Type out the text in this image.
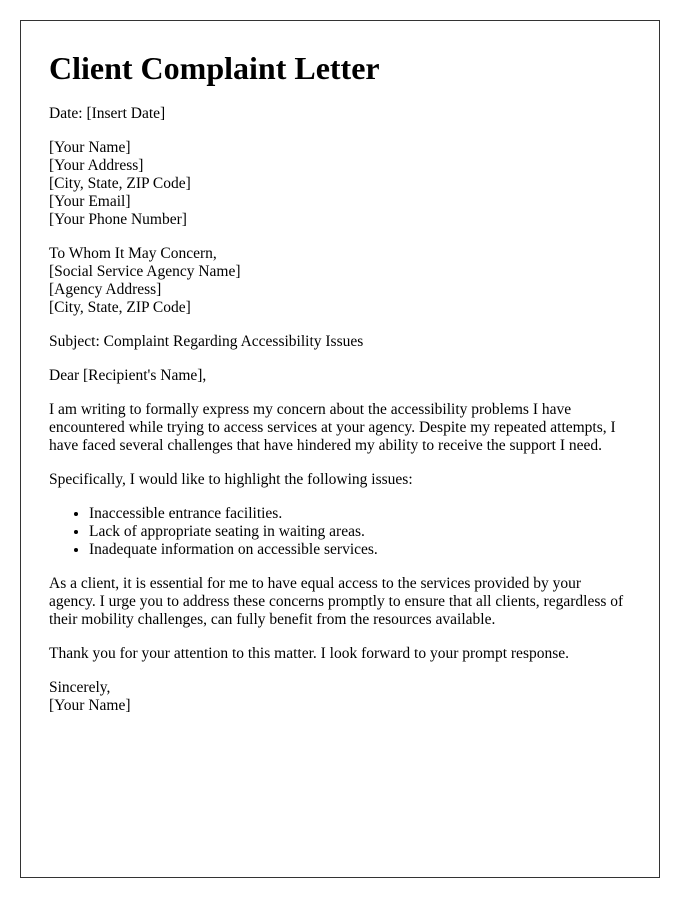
Client Complaint Letter

Date: [Insert Date]

[Your Name]
[Your Address]
[City, State, ZIP Code]
[Your Email]
[Your Phone Number]

To Whom It May Concern,
[Social Service Agency Name]
[Agency Address]
[City, State, ZIP Code]

Subject: Complaint Regarding Accessibility Issues

Dear [Recipient's Name],

I am writing to formally express my concern about the accessibility problems I have encountered while trying to access services at your agency. Despite my repeated attempts, I have faced several challenges that have hindered my ability to receive the support I need.

Specifically, I would like to highlight the following issues:

• Inaccessible entrance facilities.
• Lack of appropriate seating in waiting areas.
• Inadequate information on accessible services.

As a client, it is essential for me to have equal access to the services provided by your agency. I urge you to address these concerns promptly to ensure that all clients, regardless of their mobility challenges, can fully benefit from the resources available.

Thank you for your attention to this matter. I look forward to your prompt response.

Sincerely,
[Your Name]
